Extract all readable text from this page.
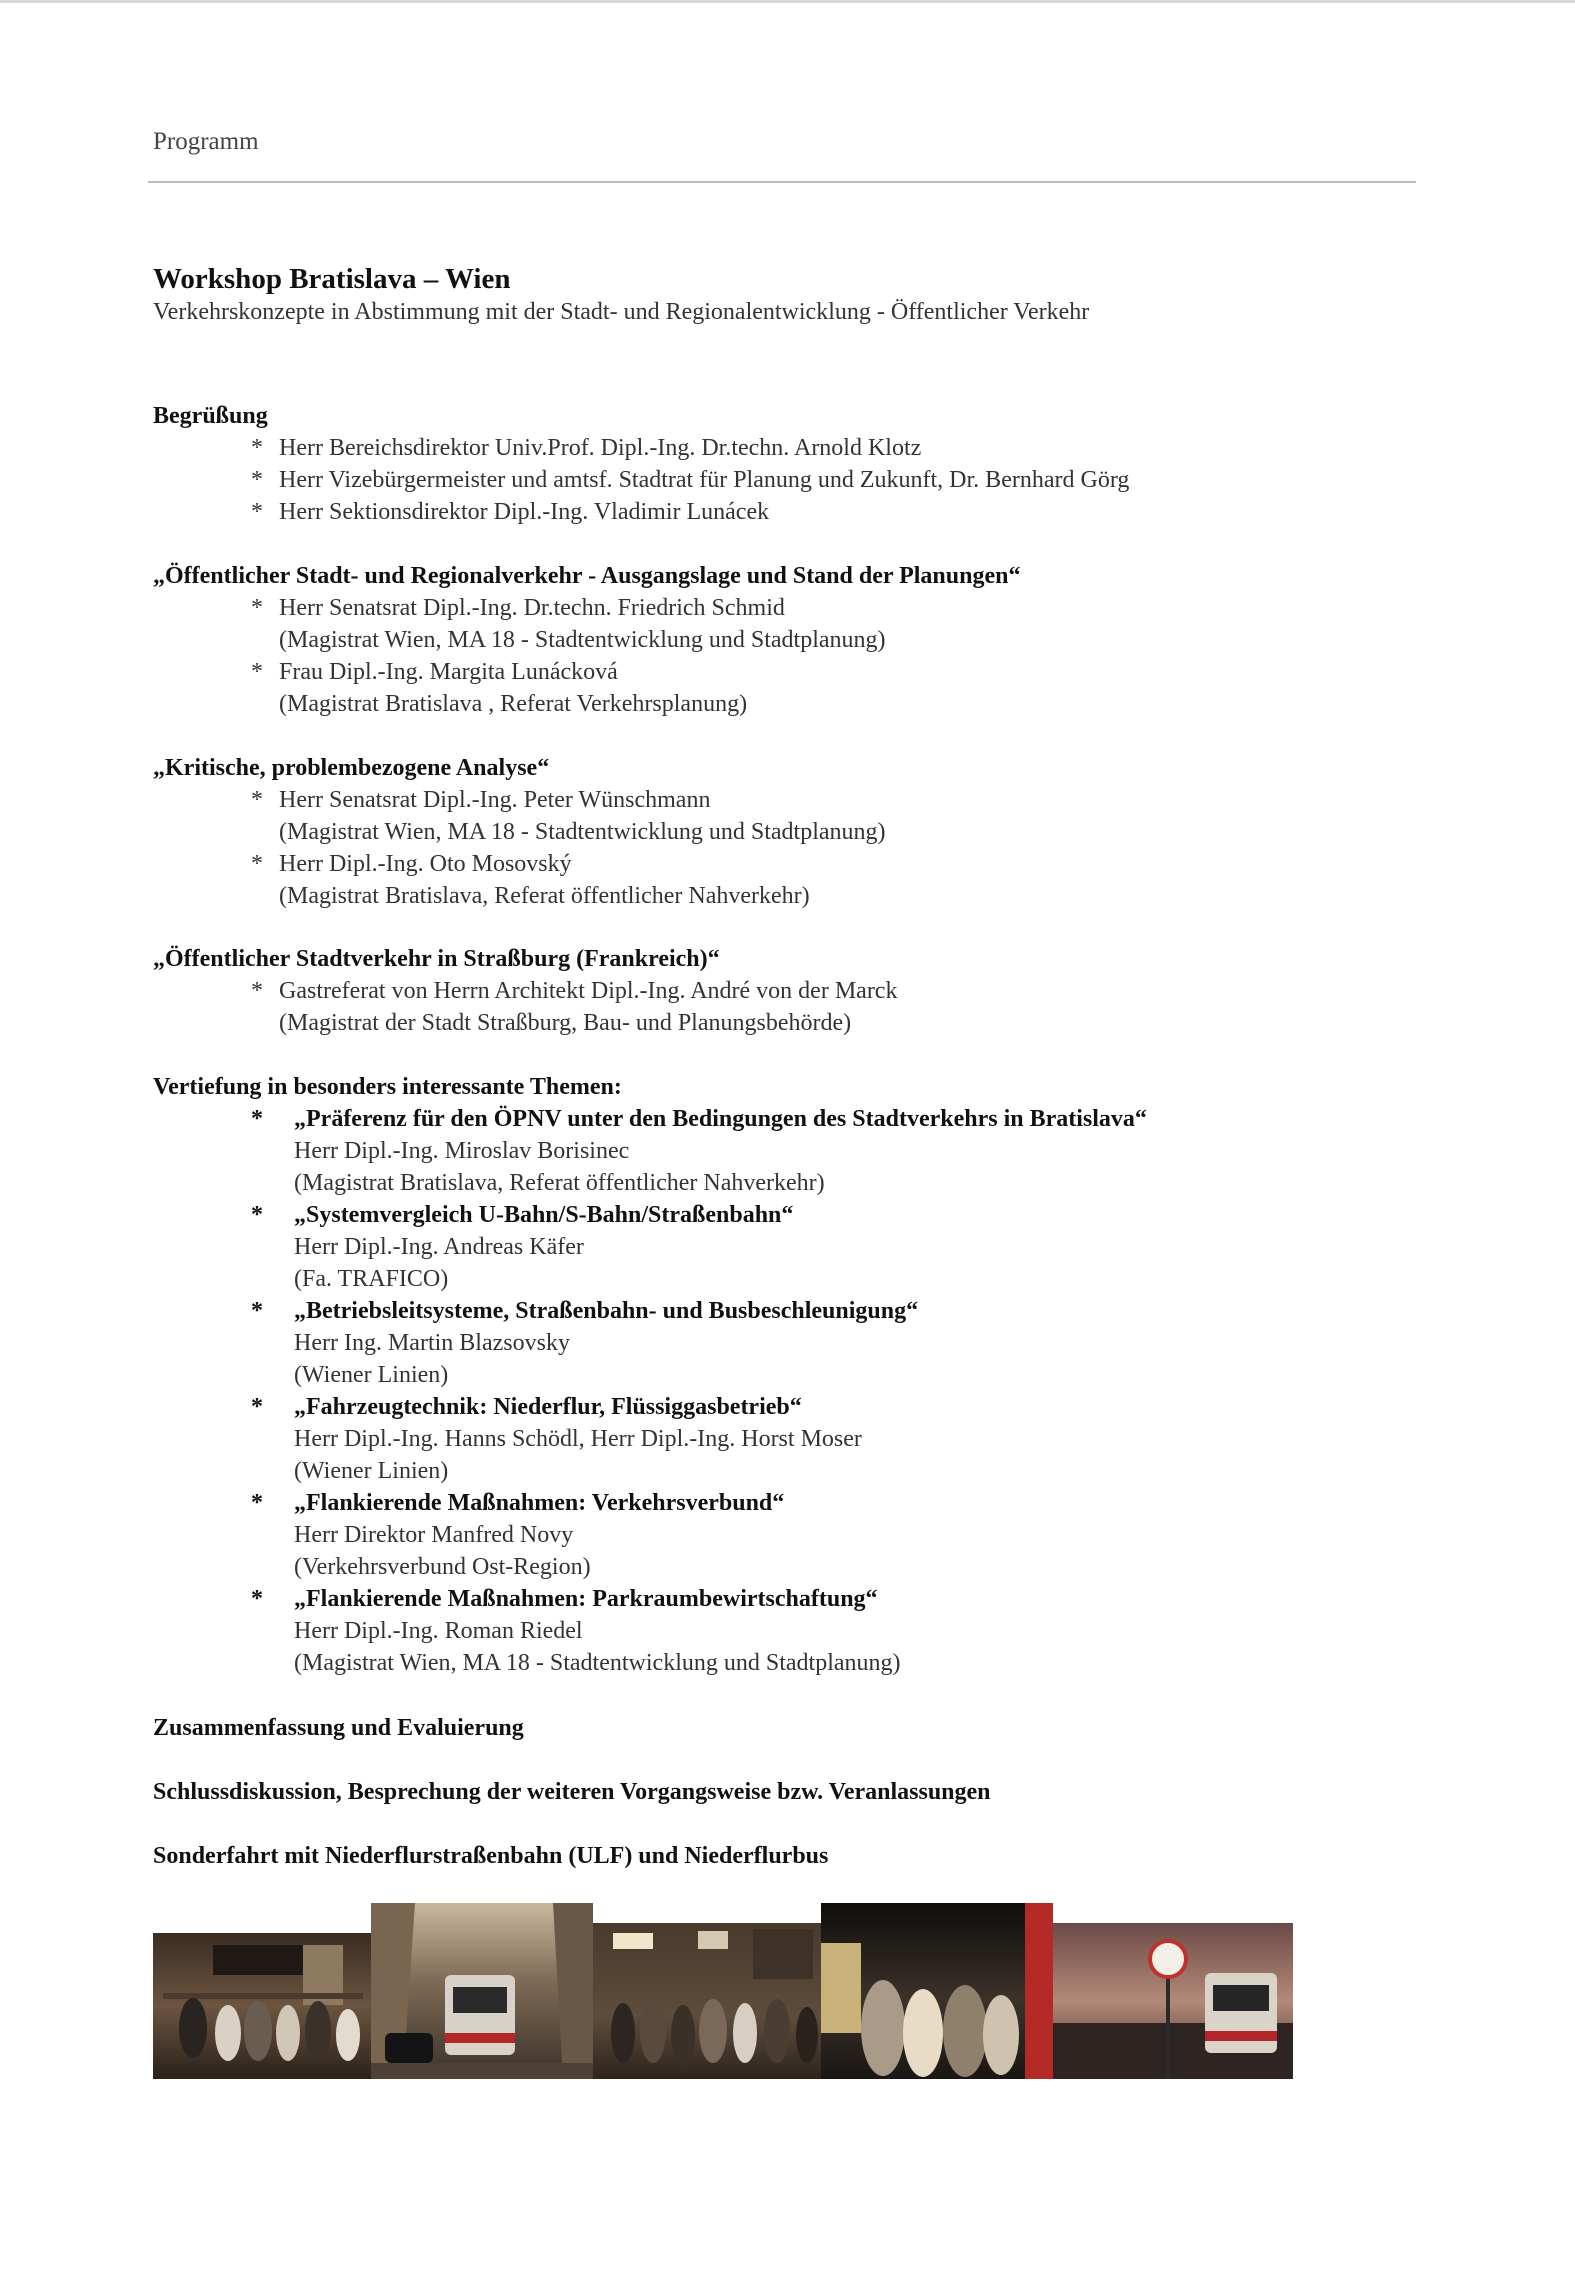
Programm
Workshop Bratislava – Wien
Verkehrskonzepte in Abstimmung mit der Stadt- und Regionalentwicklung - Öffentlicher Verkehr
Begrüßung
* Herr Bereichsdirektor Univ.Prof. Dipl.-Ing. Dr.techn. Arnold Klotz
* Herr Vizebürgermeister und amtsf. Stadtrat für Planung und Zukunft, Dr. Bernhard Görg
* Herr Sektionsdirektor Dipl.-Ing. Vladimir Lunácek
„Öffentlicher Stadt- und Regionalverkehr - Ausgangslage und Stand der Planungen“
* Herr Senatsrat Dipl.-Ing. Dr.techn. Friedrich Schmid
(Magistrat Wien, MA 18 - Stadtentwicklung und Stadtplanung)
* Frau Dipl.-Ing. Margita Lunácková
(Magistrat Bratislava , Referat Verkehrsplanung)
„Kritische, problembezogene Analyse“
* Herr Senatsrat Dipl.-Ing. Peter Wünschmann
(Magistrat Wien, MA 18 - Stadtentwicklung und Stadtplanung)
* Herr Dipl.-Ing. Oto Mosovský
(Magistrat Bratislava, Referat öffentlicher Nahverkehr)
„Öffentlicher Stadtverkehr in Straßburg (Frankreich)“
* Gastreferat von Herrn Architekt Dipl.-Ing. André von der Marck
(Magistrat der Stadt Straßburg, Bau- und Planungsbehörde)
Vertiefung in besonders interessante Themen:
* „Präferenz für den ÖPNV unter den Bedingungen des Stadtverkehrs in Bratislava“
Herr Dipl.-Ing. Miroslav Borisinec
(Magistrat Bratislava, Referat öffentlicher Nahverkehr)
* „Systemvergleich U-Bahn/S-Bahn/Straßenbahn“
Herr Dipl.-Ing. Andreas Käfer
(Fa. TRAFICO)
* „Betriebsleitsysteme, Straßenbahn- und Busbeschleunigung“
Herr Ing. Martin Blazsovsky
(Wiener Linien)
* „Fahrzeugtechnik: Niederflur, Flüssiggasbetrieb“
Herr Dipl.-Ing. Hanns Schödl, Herr Dipl.-Ing. Horst Moser
(Wiener Linien)
* „Flankierende Maßnahmen: Verkehrsverbund“
Herr Direktor Manfred Novy
(Verkehrsverbund Ost-Region)
* „Flankierende Maßnahmen: Parkraumbewirtschaftung“
Herr Dipl.-Ing. Roman Riedel
(Magistrat Wien, MA 18 - Stadtentwicklung und Stadtplanung)
Zusammenfassung und Evaluierung
Schlussdiskussion, Besprechung der weiteren Vorgangsweise bzw. Veranlassungen
Sonderfahrt mit Niederflurstraßenbahn (ULF) und Niederflurbus
